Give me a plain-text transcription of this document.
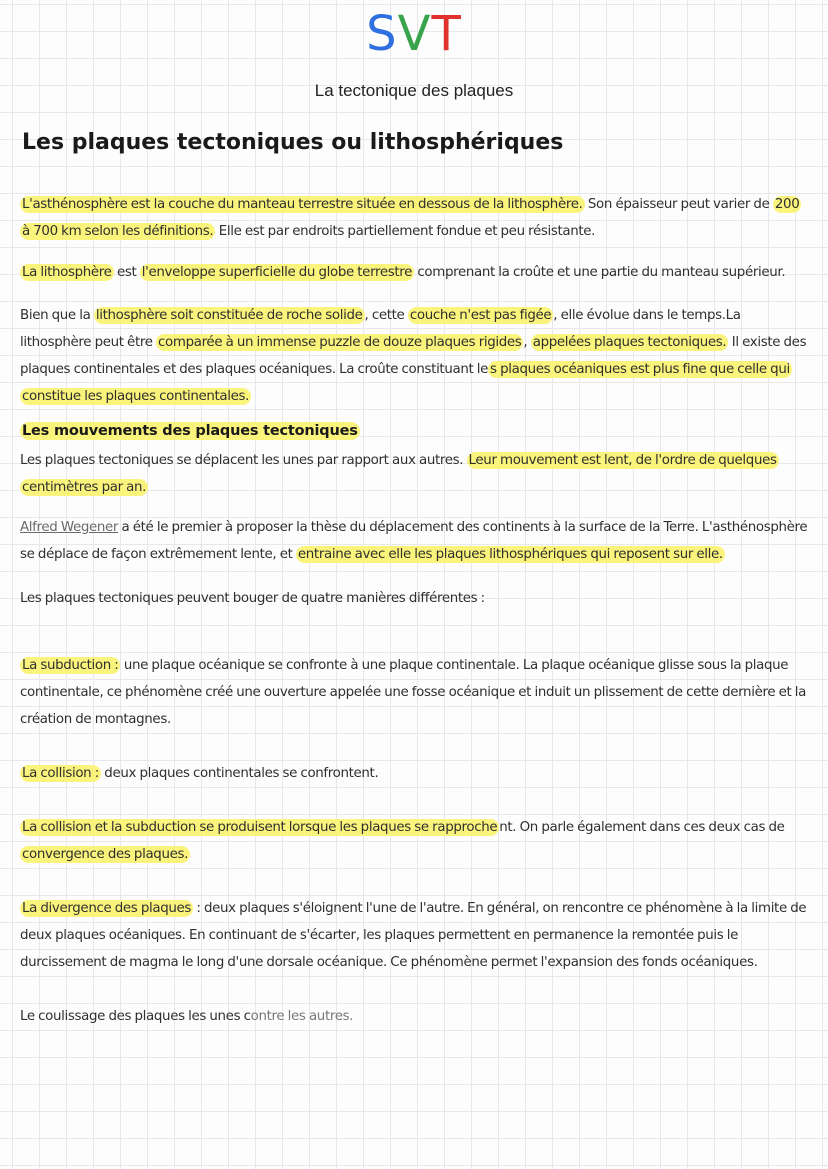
SVT
La tectonique des plaques
Les plaques tectoniques ou lithosphériques
L'asthénosphère est la couche du manteau terrestre située en dessous de la lithosphère. Son épaisseur peut varier de 200 à 700 km selon les définitions. Elle est par endroits partiellement fondue et peu résistante.
La lithosphère est l'enveloppe superficielle du globe terrestre comprenant la croûte et une partie du manteau supérieur.
Bien que la lithosphère soit constituée de roche solide , cette couche n'est pas figée , elle évolue dans le temps.La lithosphère peut être comparée à un immense puzzle de douze plaques rigides , appelées plaques tectoniques. Il existe des plaques continentales et des plaques océaniques. La croûte constituant le s plaques océaniques est plus fine que celle qui constitue les plaques continentales.
Les mouvements des plaques tectoniques
Les plaques tectoniques se déplacent les unes par rapport aux autres. Leur mouvement est lent, de l'ordre de quelques centimètres par an.
Alfred Wegener a été le premier à proposer la thèse du déplacement des continents à la surface de la Terre. L'asthénosphère se déplace de façon extrêmement lente, et entraine avec elle les plaques lithosphériques qui reposent sur elle.
Les plaques tectoniques peuvent bouger de quatre manières différentes :
La subduction : une plaque océanique se confronte à une plaque continentale. La plaque océanique glisse sous la plaque continentale, ce phénomène créé une ouverture appelée une fosse océanique et induit un plissement de cette dernière et la création de montagnes.
La collision : deux plaques continentales se confrontent.
La collision et la subduction se produisent lorsque les plaques se rapproche nt. On parle également dans ces deux cas de convergence des plaques.
La divergence des plaques : deux plaques s'éloignent l'une de l'autre. En général, on rencontre ce phénomène à la limite de deux plaques océaniques. En continuant de s'écarter, les plaques permettent en permanence la remontée puis le durcissement de magma le long d'une dorsale océanique. Ce phénomène permet l'expansion des fonds océaniques.
Le coulissage des plaques les unes contre les autres.
